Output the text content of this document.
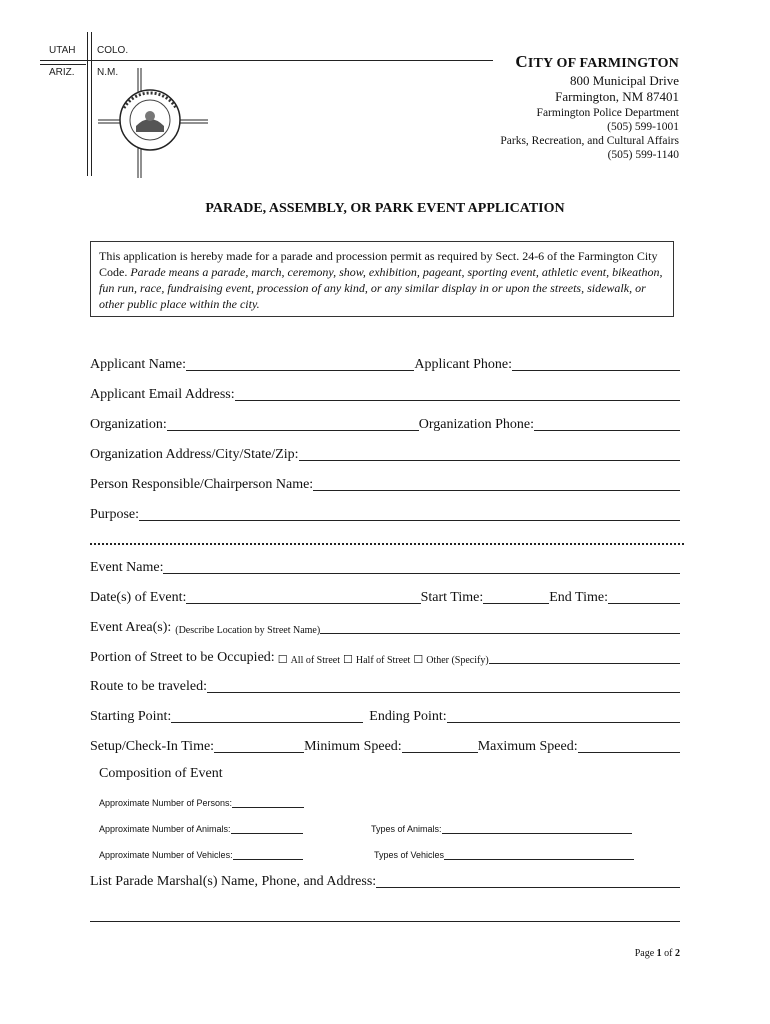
UTAH COLO.
ARIZ. N.M.
CITY OF FARMINGTON
800 Municipal Drive
Farmington, NM 87401
Farmington Police Department
(505) 599-1001
Parks, Recreation, and Cultural Affairs
(505) 599-1140
PARADE, ASSEMBLY, OR PARK EVENT APPLICATION
This application is hereby made for a parade and procession permit as required by Sect. 24-6 of the Farmington City Code. Parade means a parade, march, ceremony, show, exhibition, pageant, sporting event, athletic event, bikeathon, fun run, race, fundraising event, procession of any kind, or any similar display in or upon the streets, sidewalk, or other public place within the city.
Applicant Name:	Applicant Phone:
Applicant Email Address:
Organization:	Organization Phone:
Organization Address/City/State/Zip:
Person Responsible/Chairperson Name:
Purpose:
Event Name:
Date(s) of Event:	Start Time:	End Time:
Event Area(s): (Describe Location by Street Name)
Portion of Street to be Occupied: ☐ All of Street ☐ Half of Street ☐ Other (Specify)
Route to be traveled:
Starting Point:	Ending Point:
Setup/Check-In Time:	Minimum Speed:	Maximum Speed:
Composition of Event
Approximate Number of Persons:
Approximate Number of Animals:	Types of Animals:
Approximate Number of Vehicles:	Types of Vehicles
List Parade Marshal(s) Name, Phone, and Address:
Page 1 of 2
